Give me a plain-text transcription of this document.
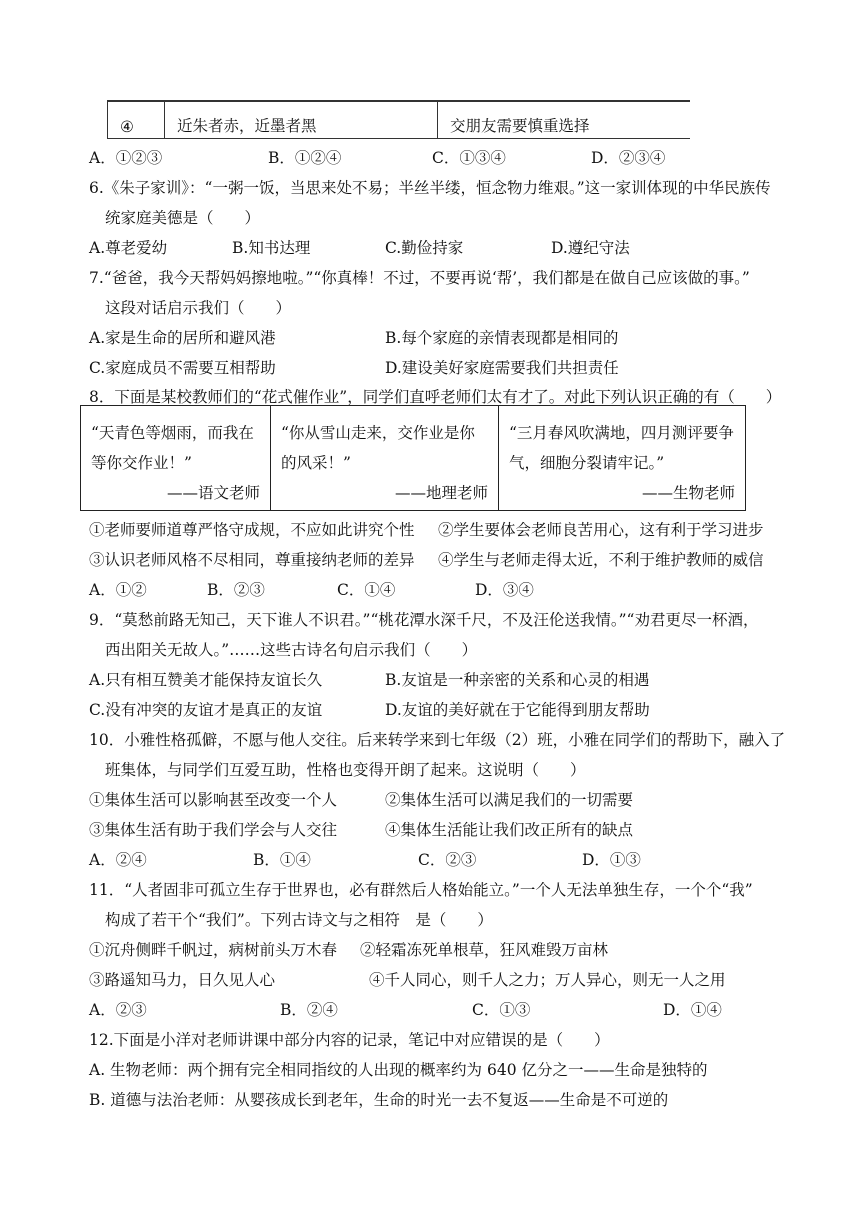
④	近朱者赤，近墨者黑	交朋友需要慎重选择
A．①②③	B．①②④	C．①③④	D．②③④
6.《朱子家训》：“一粥一饭，当思来处不易；半丝半缕，恒念物力维艰。”这一家训体现的中华民族传
统家庭美德是（　　）
A.尊老爱幼	B.知书达理	C.勤俭持家	D.遵纪守法
7.“爸爸，我今天帮妈妈擦地啦。”“你真棒！不过，不要再说‘帮’，我们都是在做自己应该做的事。”
这段对话启示我们（　　）
A.家是生命的居所和避风港	B.每个家庭的亲情表现都是相同的
C.家庭成员不需要互相帮助	D.建设美好家庭需要我们共担责任
8．下面是某校教师们的“花式催作业”，同学们直呼老师们太有才了。对此下列认识正确的有（　　）
“天青色等烟雨，而我在
等你交作业！”
——语文老师
	“你从雪山走来，交作业是你
的风采！”
——地理老师
	“三月春风吹满地，四月测评要争
气，细胞分裂请牢记。”
——生物老师
①老师要师道尊严恪守成规，不应如此讲究个性 ②学生要体会老师良苦用心，这有利于学习进步
③认识老师风格不尽相同，尊重接纳老师的差异 ④学生与老师走得太近，不利于维护教师的威信
A．①②	B．②③	C．①④	D．③④
9．“莫愁前路无知己，天下谁人不识君。”“桃花潭水深千尺，不及汪伦送我情。”“劝君更尽一杯酒，
西出阳关无故人。”……这些古诗名句启示我们（　　）
A.只有相互赞美才能保持友谊长久	B.友谊是一种亲密的关系和心灵的相遇
C.没有冲突的友谊才是真正的友谊	D.友谊的美好就在于它能得到朋友帮助
10．小雅性格孤僻，不愿与他人交往。后来转学来到七年级（2）班，小雅在同学们的帮助下，融入了
班集体，与同学们互爱互助，性格也变得开朗了起来。这说明（　　）
①集体生活可以影响甚至改变一个人	②集体生活可以满足我们的一切需要
③集体生活有助于我们学会与人交往	④集体生活能让我们改正所有的缺点
A．②④	B．①④	C．②③	D．①③
11．“人者固非可孤立生存于世界也，必有群然后人格始能立。”一个人无法单独生存，一个个“我”
构成了若干个“我们”。下列古诗文与之相符　是（　　）
①沉舟侧畔千帆过，病树前头万木春 ②轻霜冻死单根草，狂风难毁万亩林
③路遥知马力，日久见人心	④千人同心，则千人之力；万人异心，则无一人之用
A．②③	B．②④	C．①③	D．①④
12.下面是小洋对老师讲课中部分内容的记录，笔记中对应错误的是（　　）
A. 生物老师：两个拥有完全相同指纹的人出现的概率约为 640 亿分之一——生命是独特的
B. 道德与法治老师：从婴孩成长到老年，生命的时光一去不复返——生命是不可逆的
